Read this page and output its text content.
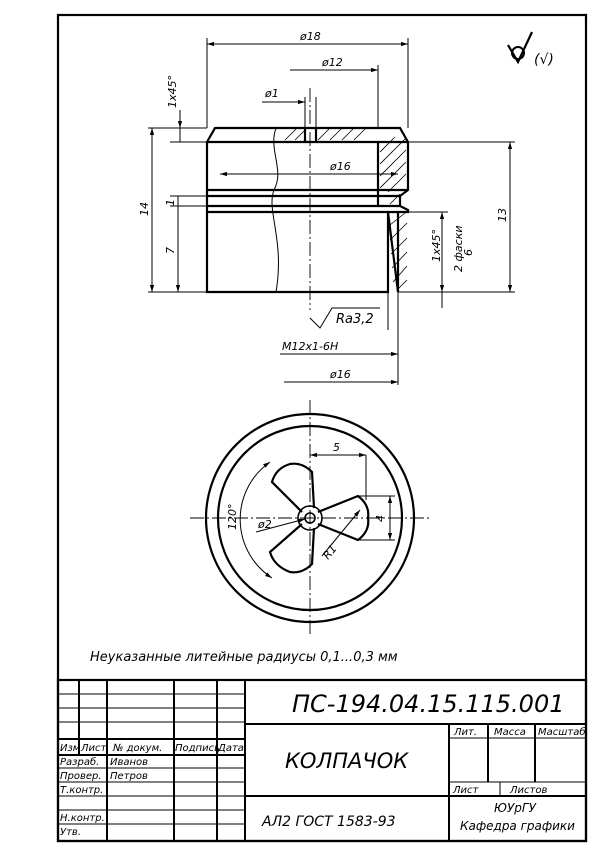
ø18
ø12
ø1
ø16
1x45°
14 1
7
13
1x45° 2 фаски
6
Ra3,2
M12x1-6H
ø16
(√)
5
4
ø2
120°
R1
Неуказанные литейные радиусы 0,1...0,3 мм
ПС-194.04.15.115.001
КОЛПАЧОК
АЛ2 ГОСТ 1583-93
ЮУрГУ
Кафедра графики
Лит. Масса Масштаб
Лист	Листов
Изм Лист № докум. Подпись
Дата
Разраб. Иванов
Провер. Петров
Т.контр.
Н.контр.
Утв.
